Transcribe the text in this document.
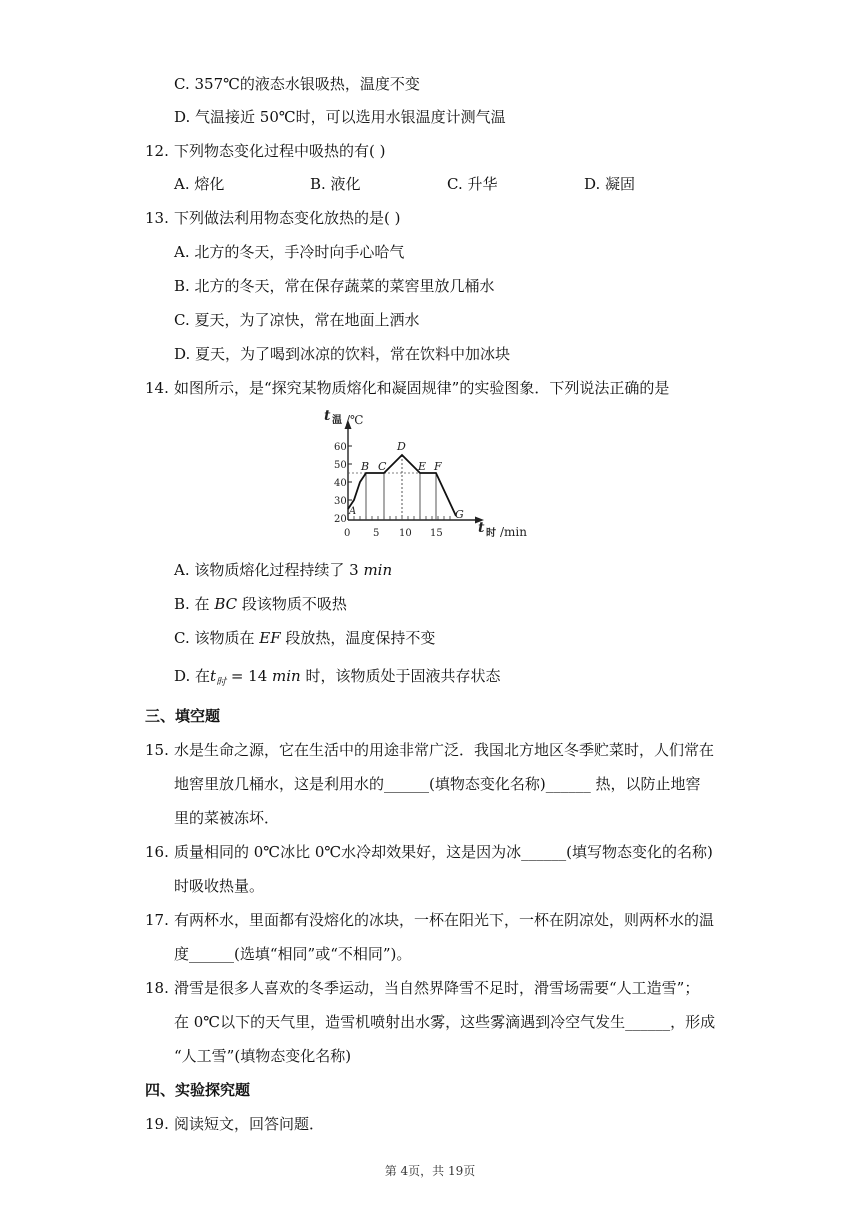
C. 357℃的液态水银吸热，温度不变
D. 气温接近 50℃时，可以选用水银温度计测气温
12. 下列物态变化过程中吸热的有( )
A. 熔化	B. 液化	C. 升华	D. 凝固
13. 下列做法利用物态变化放热的是( )
A. 北方的冬天，手冷时向手心哈气
B. 北方的冬天，常在保存蔬菜的菜窖里放几桶水
C. 夏天，为了凉快，常在地面上洒水
D. 夏天，为了喝到冰凉的饮料，常在饮料中加冰块
14. 如图所示，是“探究某物质熔化和凝固规律”的实验图象．下列说法正确的是
t 温 /℃
t 时 /min
60
50
40
30
20
0 5 10 15
A
B C
D
E F
G
A. 该物质熔化过程持续了 3 min
B. 在 BC 段该物质不吸热
C. 该物质在 EF 段放热，温度保持不变
D. 在$t_时 = 14$ min 时，该物质处于固液共存状态
三、填空题
15. 水是生命之源，它在生活中的用途非常广泛．我国北方地区冬季贮菜时，人们常在
地窖里放几桶水，这是利用水的______(填物态变化名称)______ 热，以防止地窖
里的菜被冻坏．
16. 质量相同的 0℃冰比 0℃水冷却效果好，这是因为冰______(填写物态变化的名称)
时吸收热量。
17. 有两杯水，里面都有没熔化的冰块，一杯在阳光下，一杯在阴凉处，则两杯水的温
度______(选填“相同”或“不相同”)。
18. 滑雪是很多人喜欢的冬季运动，当自然界降雪不足时，滑雪场需要“人工造雪”；
在 0℃以下的天气里，造雪机喷射出水雾，这些雾滴遇到冷空气发生______，形成
“人工雪”(填物态变化名称)
四、实验探究题
19. 阅读短文，回答问题．
第 4页，共 19页
